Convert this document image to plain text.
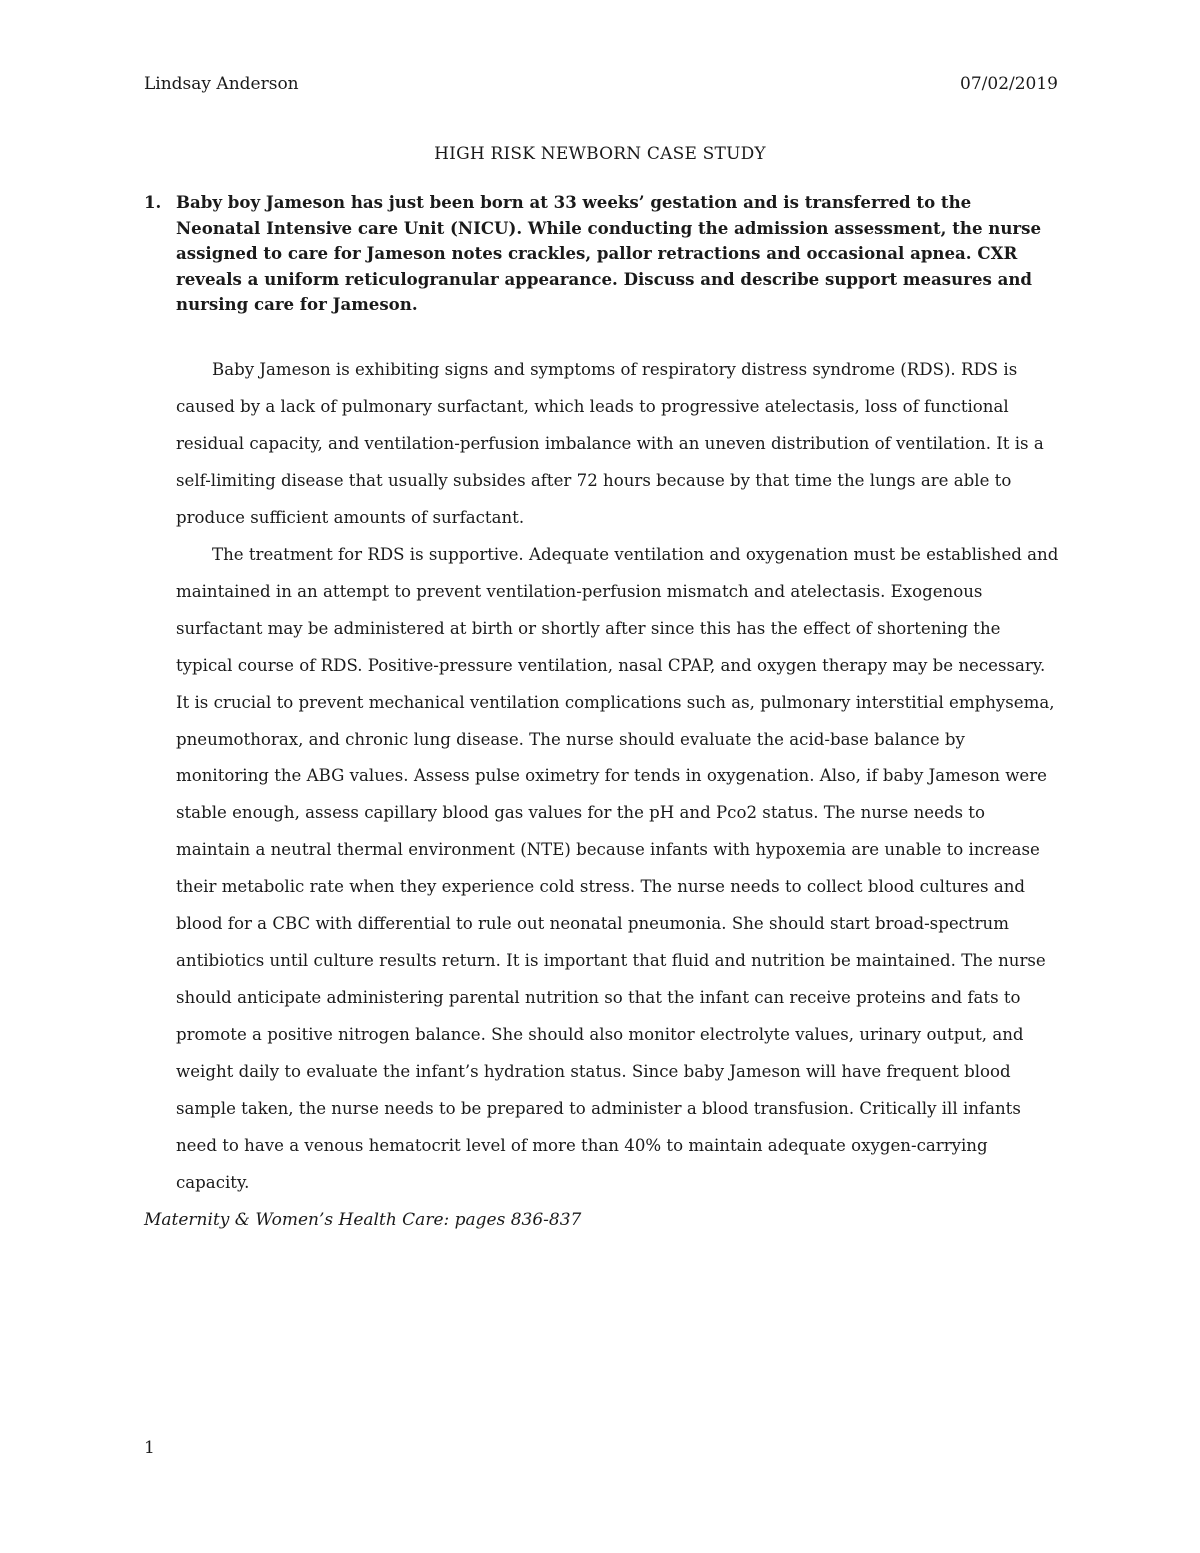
Lindsay Anderson	07/02/2019
HIGH RISK NEWBORN CASE STUDY
1. Baby boy Jameson has just been born at 33 weeks’ gestation and is transferred to the Neonatal Intensive care Unit (NICU). While conducting the admission assessment, the nurse assigned to care for Jameson notes crackles, pallor retractions and occasional apnea. CXR reveals a uniform reticulogranular appearance. Discuss and describe support measures and nursing care for Jameson.

Baby Jameson is exhibiting signs and symptoms of respiratory distress syndrome (RDS). RDS is caused by a lack of pulmonary surfactant, which leads to progressive atelectasis, loss of functional residual capacity, and ventilation-perfusion imbalance with an uneven distribution of ventilation. It is a self-limiting disease that usually subsides after 72 hours because by that time the lungs are able to produce sufficient amounts of surfactant.

The treatment for RDS is supportive. Adequate ventilation and oxygenation must be established and maintained in an attempt to prevent ventilation-perfusion mismatch and atelectasis. Exogenous surfactant may be administered at birth or shortly after since this has the effect of shortening the typical course of RDS. Positive-pressure ventilation, nasal CPAP, and oxygen therapy may be necessary. It is crucial to prevent mechanical ventilation complications such as, pulmonary interstitial emphysema, pneumothorax, and chronic lung disease. The nurse should evaluate the acid-base balance by monitoring the ABG values. Assess pulse oximetry for tends in oxygenation. Also, if baby Jameson were stable enough, assess capillary blood gas values for the pH and Pco2 status. The nurse needs to maintain a neutral thermal environment (NTE) because infants with hypoxemia are unable to increase their metabolic rate when they experience cold stress. The nurse needs to collect blood cultures and blood for a CBC with differential to rule out neonatal pneumonia. She should start broad-spectrum antibiotics until culture results return. It is important that fluid and nutrition be maintained. The nurse should anticipate administering parental nutrition so that the infant can receive proteins and fats to promote a positive nitrogen balance. She should also monitor electrolyte values, urinary output, and weight daily to evaluate the infant’s hydration status. Since baby Jameson will have frequent blood sample taken, the nurse needs to be prepared to administer a blood transfusion. Critically ill infants need to have a venous hematocrit level of more than 40% to maintain adequate oxygen-carrying capacity.

Maternity & Women’s Health Care: pages 836-837
1
